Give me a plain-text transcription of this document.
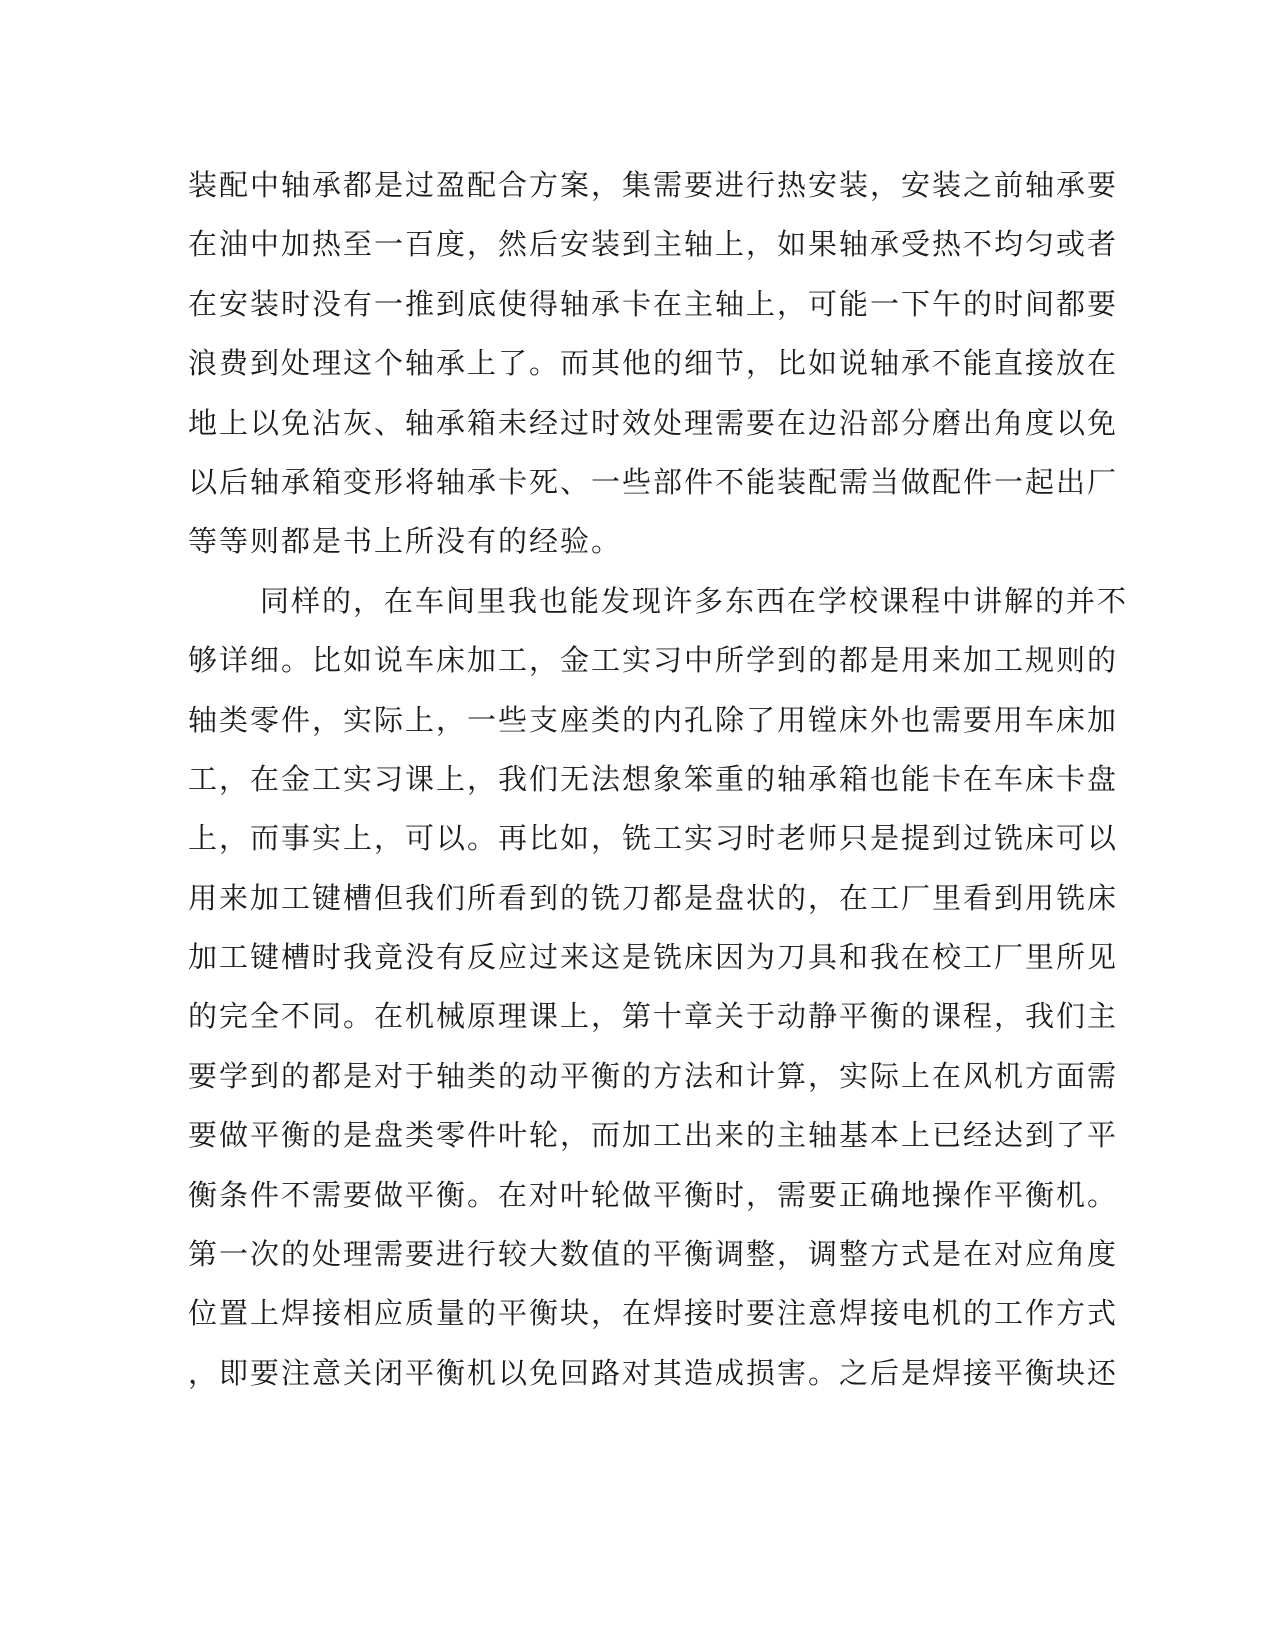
装配中轴承都是过盈配合方案，集需要进行热安装，安装之前轴承要
在油中加热至一百度，然后安装到主轴上，如果轴承受热不均匀或者
在安装时没有一推到底使得轴承卡在主轴上，可能一下午的时间都要
浪费到处理这个轴承上了。而其他的细节，比如说轴承不能直接放在
地上以免沾灰、轴承箱未经过时效处理需要在边沿部分磨出角度以免
以后轴承箱变形将轴承卡死、一些部件不能装配需当做配件一起出厂
等等则都是书上所没有的经验。
同样的，在车间里我也能发现许多东西在学校课程中讲解的并不
够详细。比如说车床加工，金工实习中所学到的都是用来加工规则的
轴类零件，实际上，一些支座类的内孔除了用镗床外也需要用车床加
工，在金工实习课上，我们无法想象笨重的轴承箱也能卡在车床卡盘
上，而事实上，可以。再比如，铣工实习时老师只是提到过铣床可以
用来加工键槽但我们所看到的铣刀都是盘状的，在工厂里看到用铣床
加工键槽时我竟没有反应过来这是铣床因为刀具和我在校工厂里所见
的完全不同。在机械原理课上，第十章关于动静平衡的课程，我们主
要学到的都是对于轴类的动平衡的方法和计算，实际上在风机方面需
要做平衡的是盘类零件叶轮，而加工出来的主轴基本上已经达到了平
衡条件不需要做平衡。在对叶轮做平衡时，需要正确地操作平衡机。
第一次的处理需要进行较大数值的平衡调整，调整方式是在对应角度
位置上焊接相应质量的平衡块，在焊接时要注意焊接电机的工作方式
，即要注意关闭平衡机以免回路对其造成损害。之后是焊接平衡块还
